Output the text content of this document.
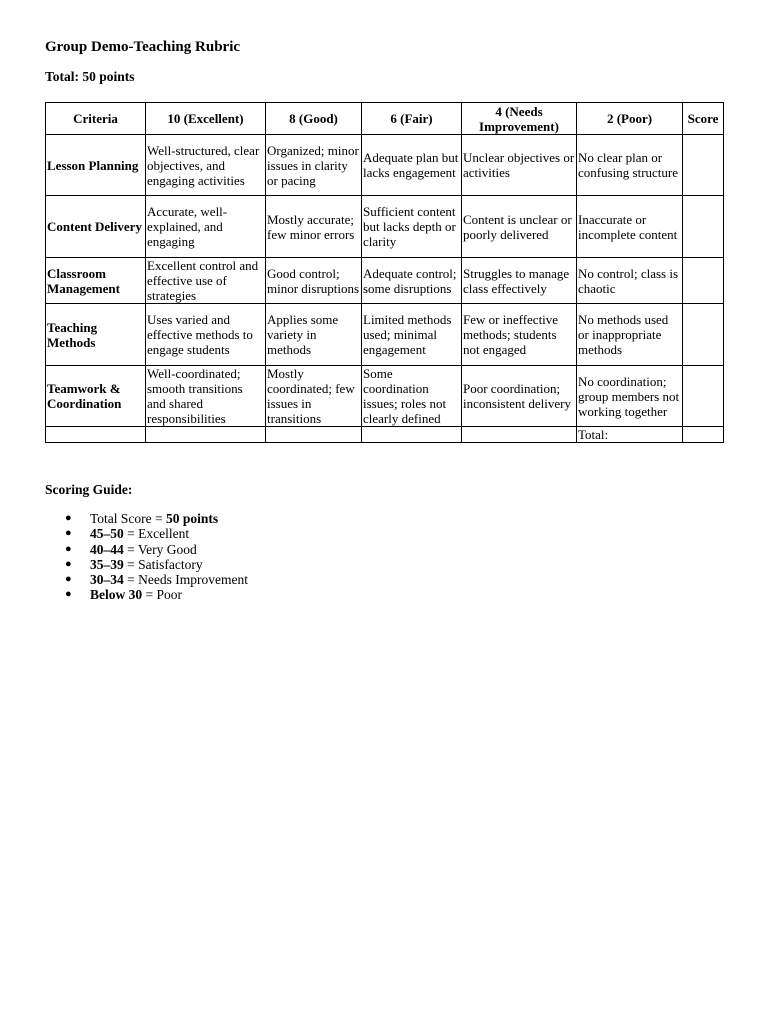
Group Demo-Teaching Rubric

Total: 50 points

Criteria	10 (Excellent)	8 (Good)	6 (Fair)	4 (Needs Improvement)	2 (Poor)	Score
Lesson Planning	Well-structured, clear objectives, and engaging activities	Organized; minor issues in clarity or pacing	Adequate plan but lacks engagement	Unclear objectives or activities	No clear plan or confusing structure	
Content Delivery	Accurate, well-explained, and engaging	Mostly accurate; few minor errors	Sufficient content but lacks depth or clarity	Content is unclear or poorly delivered	Inaccurate or incomplete content	
Classroom Management	Excellent control and effective use of strategies	Good control; minor disruptions	Adequate control; some disruptions	Struggles to manage class effectively	No control; class is chaotic	
Teaching Methods	Uses varied and effective methods to engage students	Applies some variety in methods	Limited methods used; minimal engagement	Few or ineffective methods; students not engaged	No methods used or inappropriate methods	
Teamwork & Coordination	Well-coordinated; smooth transitions and shared responsibilities	Mostly coordinated; few issues in transitions	Some coordination issues; roles not clearly defined	Poor coordination; inconsistent delivery	No coordination; group members not working together	
					Total:	

Scoring Guide:

● Total Score = 50 points
● 45–50 = Excellent
● 40–44 = Very Good
● 35–39 = Satisfactory
● 30–34 = Needs Improvement
● Below 30 = Poor
